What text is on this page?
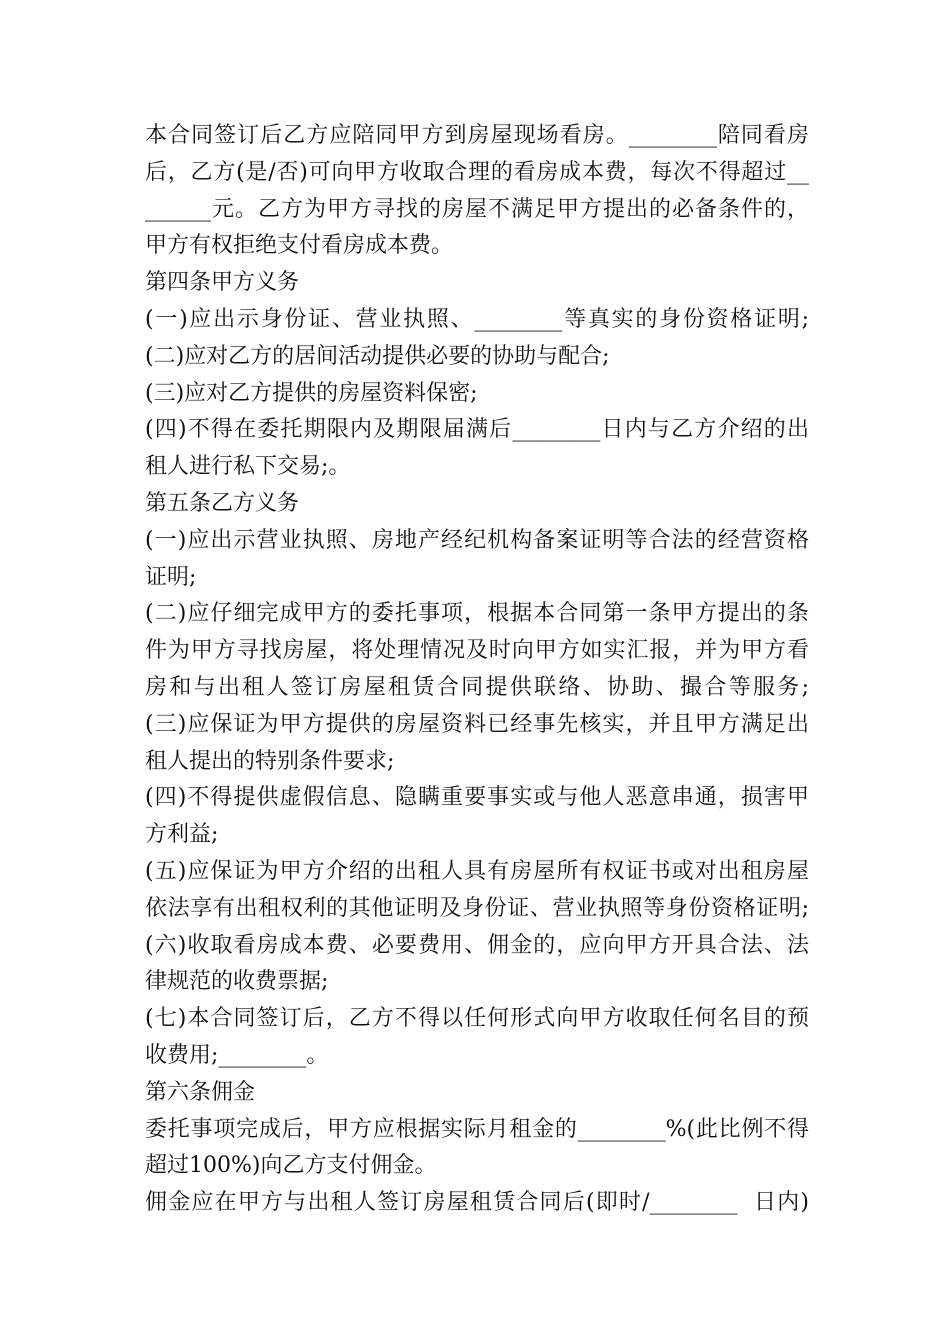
本合同签订后乙方应陪同甲方到房屋现场看房。________陪同看房
后，乙方(是/否)可向甲方收取合理的看房成本费，每次不得超过__
______元。乙方为甲方寻找的房屋不满足甲方提出的必备条件的，
甲方有权拒绝支付看房成本费。
第四条甲方义务
(一)应出示身份证、营业执照、________等真实的身份资格证明;
(二)应对乙方的居间活动提供必要的协助与配合;
(三)应对乙方提供的房屋资料保密;
(四)不得在委托期限内及期限届满后________日内与乙方介绍的出
租人进行私下交易;。
第五条乙方义务
(一)应出示营业执照、房地产经纪机构备案证明等合法的经营资格
证明;
(二)应仔细完成甲方的委托事项，根据本合同第一条甲方提出的条
件为甲方寻找房屋，将处理情况及时向甲方如实汇报，并为甲方看
房和与出租人签订房屋租赁合同提供联络、协助、撮合等服务;
(三)应保证为甲方提供的房屋资料已经事先核实，并且甲方满足出
租人提出的特别条件要求;
(四)不得提供虚假信息、隐瞒重要事实或与他人恶意串通，损害甲
方利益;
(五)应保证为甲方介绍的出租人具有房屋所有权证书或对出租房屋
依法享有出租权利的其他证明及身份证、营业执照等身份资格证明;
(六)收取看房成本费、必要费用、佣金的，应向甲方开具合法、法
律规范的收费票据;
(七)本合同签订后，乙方不得以任何形式向甲方收取任何名目的预
收费用;________。
第六条佣金
委托事项完成后，甲方应根据实际月租金的________%(此比例不得
超过100%)向乙方支付佣金。
佣金应在甲方与出租人签订房屋租赁合同后(即时/________  日内)
